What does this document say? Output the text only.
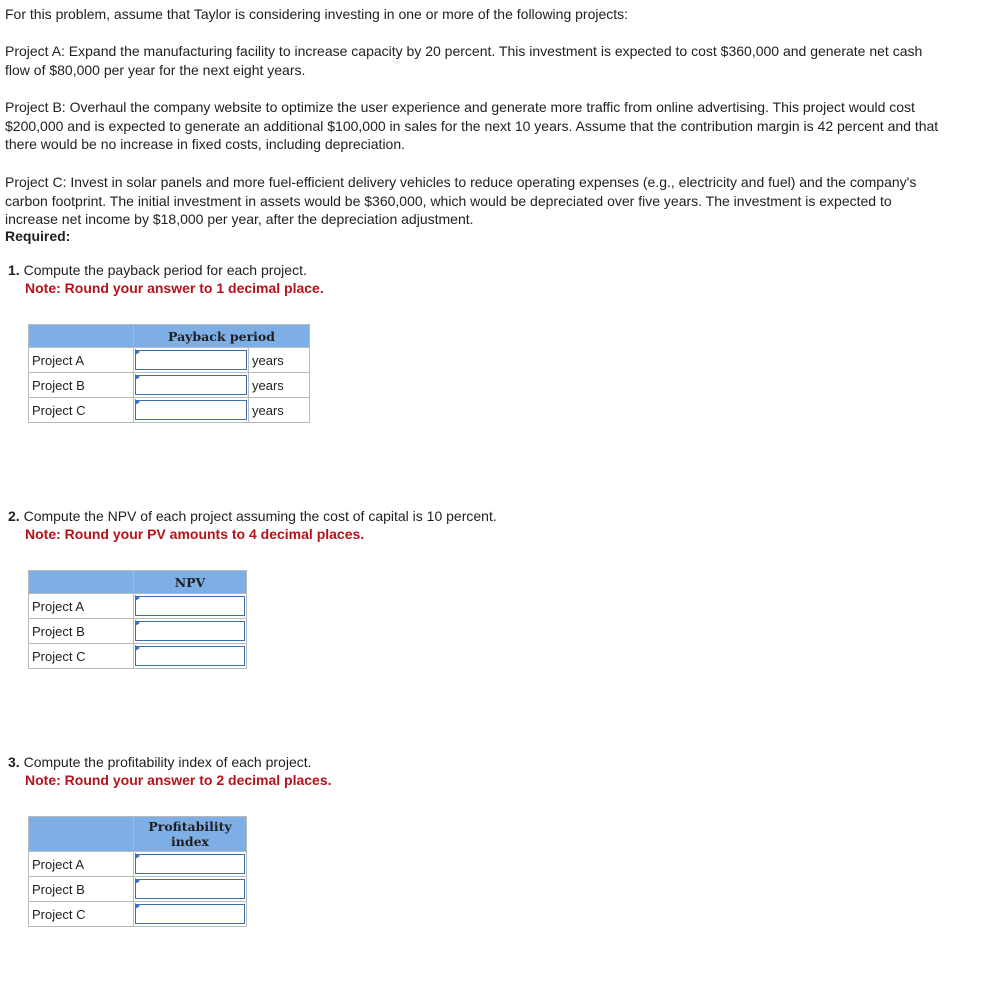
For this problem, assume that Taylor is considering investing in one or more of the following projects:

Project A: Expand the manufacturing facility to increase capacity by 20 percent. This investment is expected to cost $360,000 and generate net cash flow of $80,000 per year for the next eight years.

Project B: Overhaul the company website to optimize the user experience and generate more traffic from online advertising. This project would cost $200,000 and is expected to generate an additional $100,000 in sales for the next 10 years. Assume that the contribution margin is 42 percent and that there would be no increase in fixed costs, including depreciation.

Project C: Invest in solar panels and more fuel-efficient delivery vehicles to reduce operating expenses (e.g., electricity and fuel) and the company's carbon footprint. The initial investment in assets would be $360,000, which would be depreciated over five years. The investment is expected to increase net income by $18,000 per year, after the depreciation adjustment.

Required:

1. Compute the payback period for each project.

Note: Round your answer to 1 decimal place.

	Payback period	
Project A		years
Project B		years
Project C		years

2. Compute the NPV of each project assuming the cost of capital is 10 percent.

Note: Round your PV amounts to 4 decimal places.

	NPV
Project A	

Project B	

Project C	

3. Compute the profitability index of each project.

Note: Round your answer to 2 decimal places.

	Profitability
index
Project A	

Project B	

Project C	
